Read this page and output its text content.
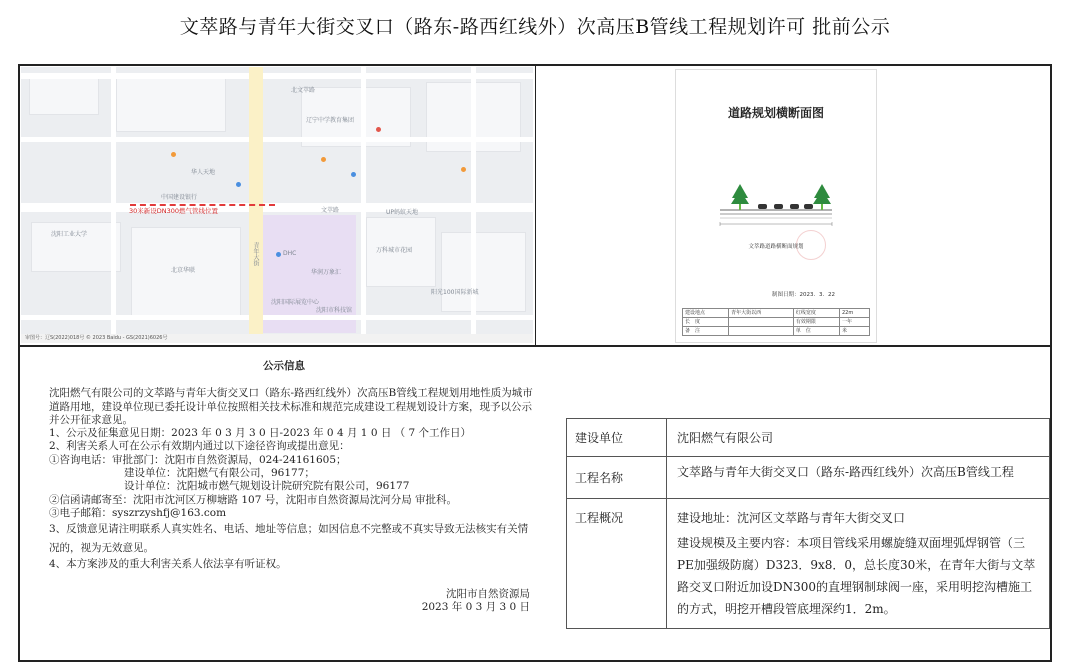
文萃路与青年大街交叉口（路东-路西红线外）次高压B管线工程规划许可 批前公示
北文萃路
辽宁中学教育集团
中国建设银行
华人天地
文萃路	UP蚂蚁天地
青年大街
华润万象汇
沈阳国际展览中心
DHC
沈阳市科技馆
万科城市花园
沈阳工业大学
阳光100国际新城
北京华联
30米新设DN300燃气管线位置
审图号：辽S(2022)018号 © 2023 Baidu - GS(2021)6026号
道路规划横断面图
文萃路道路横断面规划
制图日期：2023．3．22
建设地点	青年大街以西	红线宽度	22m
长　度		有效期限	一年
备　注		单　位	米
公示信息

沈阳燃气有限公司的文萃路与青年大街交叉口（路东-路西红线外）次高压B管线工程规划用地性质为城市道路用地，建设单位现已委托设计单位按照相关技术标准和规范完成建设工程规划设计方案，现予以公示并公开征求意见。

1、公示及征集意见日期：2023 年 0 3 月 3 0 日-2023 年 0 4 月 1 0 日 （ 7 个工作日）

2、利害关系人可在公示有效期内通过以下途径咨询或提出意见：

①咨询电话：审批部门：沈阳市自然资源局，024-24161605；

建设单位：沈阳燃气有限公司，96177；

设计单位：沈阳城市燃气规划设计院研究院有限公司，96177

②信函请邮寄至：沈阳市沈河区万柳塘路 107 号，沈阳市自然资源局沈河分局 审批科。

③电子邮箱：syszrzyshfj@163.com

3、反馈意见请注明联系人真实姓名、电话、地址等信息；如因信息不完整或不真实导致无法核实有关情况的，视为无效意见。

4、本方案涉及的重大利害关系人依法享有听证权。

沈阳市自然资源局

2023 年 0 3 月 3 0 日

建设单位	沈阳燃气有限公司
工程名称	文萃路与青年大街交叉口（路东-路西红线外）次高压B管线工程
工程概况	建设地址：沈河区文萃路与青年大街交叉口
建设规模及主要内容：本项目管线采用螺旋缝双面埋弧焊钢管（三PE加强级防腐）D323．9x8．0，总长度30米，在青年大街与文萃路交叉口附近加设DN300的直埋钢制球阀一座，采用明挖沟槽施工的方式，明挖开槽段管底埋深约1．2m。
